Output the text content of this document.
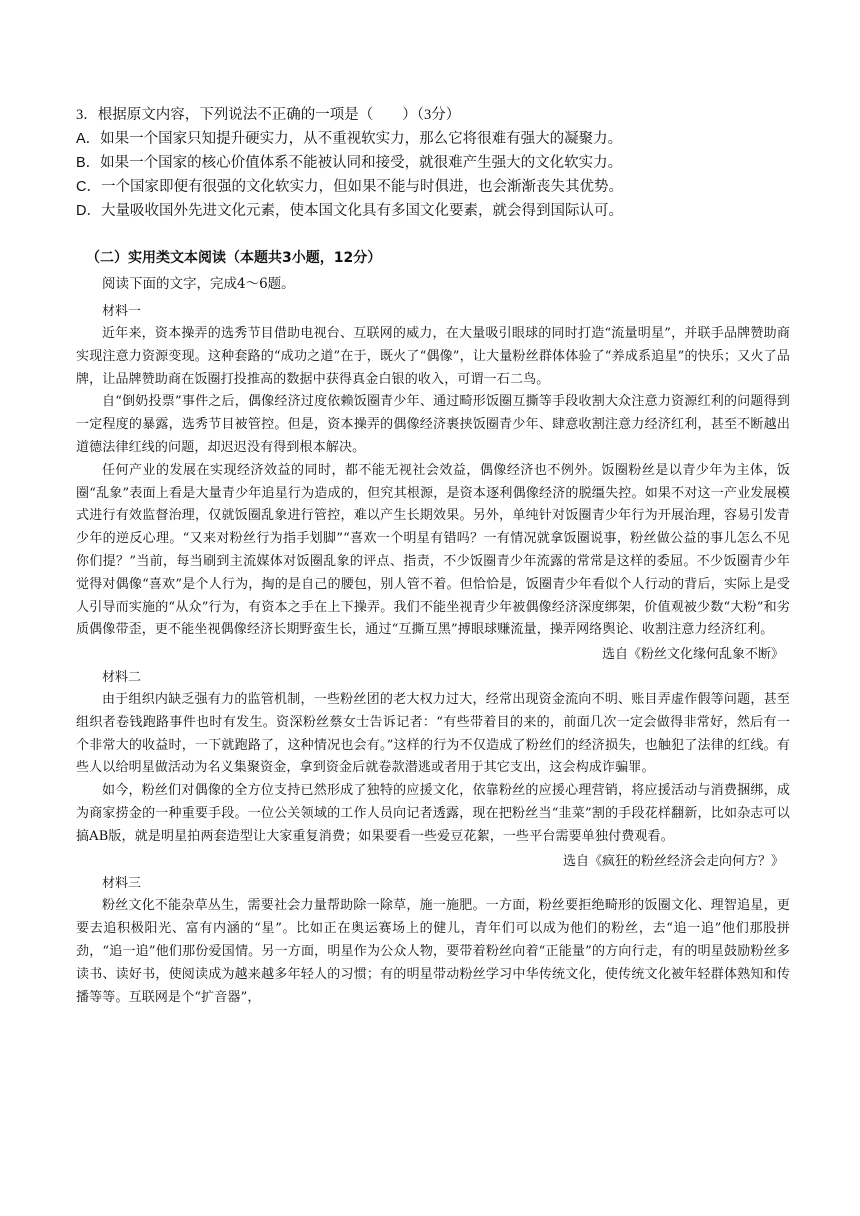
3．根据原文内容，下列说法不正确的一项是（　　）（3分）

A．如果一个国家只知提升硬实力，从不重视软实力，那么它将很难有强大的凝聚力。

B．如果一个国家的核心价值体系不能被认同和接受，就很难产生强大的文化软实力。

C．一个国家即便有很强的文化软实力，但如果不能与时俱进，也会渐渐丧失其优势。

D．大量吸收国外先进文化元素，使本国文化具有多国文化要素，就会得到国际认可。

（二）实用类文本阅读（本题共3小题，12分）

阅读下面的文字，完成4～6题。

材料一

近年来，资本操弄的选秀节目借助电视台、互联网的威力，在大量吸引眼球的同时打造“流量明星”，并联手品牌赞助商实现注意力资源变现。这种套路的“成功之道”在于，既火了“偶像”，让大量粉丝群体体验了“养成系追星”的快乐；又火了品牌，让品牌赞助商在饭圈打投推高的数据中获得真金白银的收入，可谓一石二鸟。

自“倒奶投票”事件之后，偶像经济过度依赖饭圈青少年、通过畸形饭圈互撕等手段收割大众注意力资源红利的问题得到一定程度的暴露，选秀节目被管控。但是，资本操弄的偶像经济裹挟饭圈青少年、肆意收割注意力经济红利，甚至不断越出道德法律红线的问题，却迟迟没有得到根本解决。

任何产业的发展在实现经济效益的同时，都不能无视社会效益，偶像经济也不例外。饭圈粉丝是以青少年为主体，饭圈“乱象”表面上看是大量青少年追星行为造成的，但究其根源，是资本逐利偶像经济的脱缰失控。如果不对这一产业发展模式进行有效监督治理，仅就饭圈乱象进行管控，难以产生长期效果。另外，单纯针对饭圈青少年行为开展治理，容易引发青少年的逆反心理。“又来对粉丝行为指手划脚”“喜欢一个明星有错吗？一有情况就拿饭圈说事，粉丝做公益的事儿怎么不见你们提？”当前，每当刷到主流媒体对饭圈乱象的评点、指责，不少饭圈青少年流露的常常是这样的委屈。不少饭圈青少年觉得对偶像“喜欢”是个人行为，掏的是自己的腰包，别人管不着。但恰恰是，饭圈青少年看似个人行动的背后，实际上是受人引导而实施的“从众”行为，有资本之手在上下操弄。我们不能坐视青少年被偶像经济深度绑架，价值观被少数“大粉”和劣质偶像带歪，更不能坐视偶像经济长期野蛮生长，通过“互撕互黑”搏眼球赚流量，操弄网络舆论、收割注意力经济红利。

选自《粉丝文化缘何乱象不断》

材料二

由于组织内缺乏强有力的监管机制，一些粉丝团的老大权力过大，经常出现资金流向不明、账目弄虚作假等问题，甚至组织者卷钱跑路事件也时有发生。资深粉丝蔡女士告诉记者：“有些带着目的来的，前面几次一定会做得非常好，然后有一个非常大的收益时，一下就跑路了，这种情况也会有。”这样的行为不仅造成了粉丝们的经济损失，也触犯了法律的红线。有些人以给明星做活动为名义集聚资金，拿到资金后就卷款潜逃或者用于其它支出，这会构成诈骗罪。

如今，粉丝们对偶像的全方位支持已然形成了独特的应援文化，依靠粉丝的应援心理营销，将应援活动与消费捆绑，成为商家捞金的一种重要手段。一位公关领域的工作人员向记者透露，现在把粉丝当“韭菜”割的手段花样翻新，比如杂志可以搞AB版，就是明星拍两套造型让大家重复消费；如果要看一些爱豆花絮，一些平台需要单独付费观看。

选自《疯狂的粉丝经济会走向何方？》

材料三

粉丝文化不能杂草丛生，需要社会力量帮助除一除草，施一施肥。一方面，粉丝要拒绝畸形的饭圈文化、理智追星，更要去追积极阳光、富有内涵的“星”。比如正在奥运赛场上的健儿，青年们可以成为他们的粉丝，去“追一追”他们那股拼劲，“追一追”他们那份爱国情。另一方面，明星作为公众人物，要带着粉丝向着“正能量”的方向行走，有的明星鼓励粉丝多读书、读好书，使阅读成为越来越多年轻人的习惯；有的明星带动粉丝学习中华传统文化，使传统文化被年轻群体熟知和传播等等。互联网是个“扩音器”，
